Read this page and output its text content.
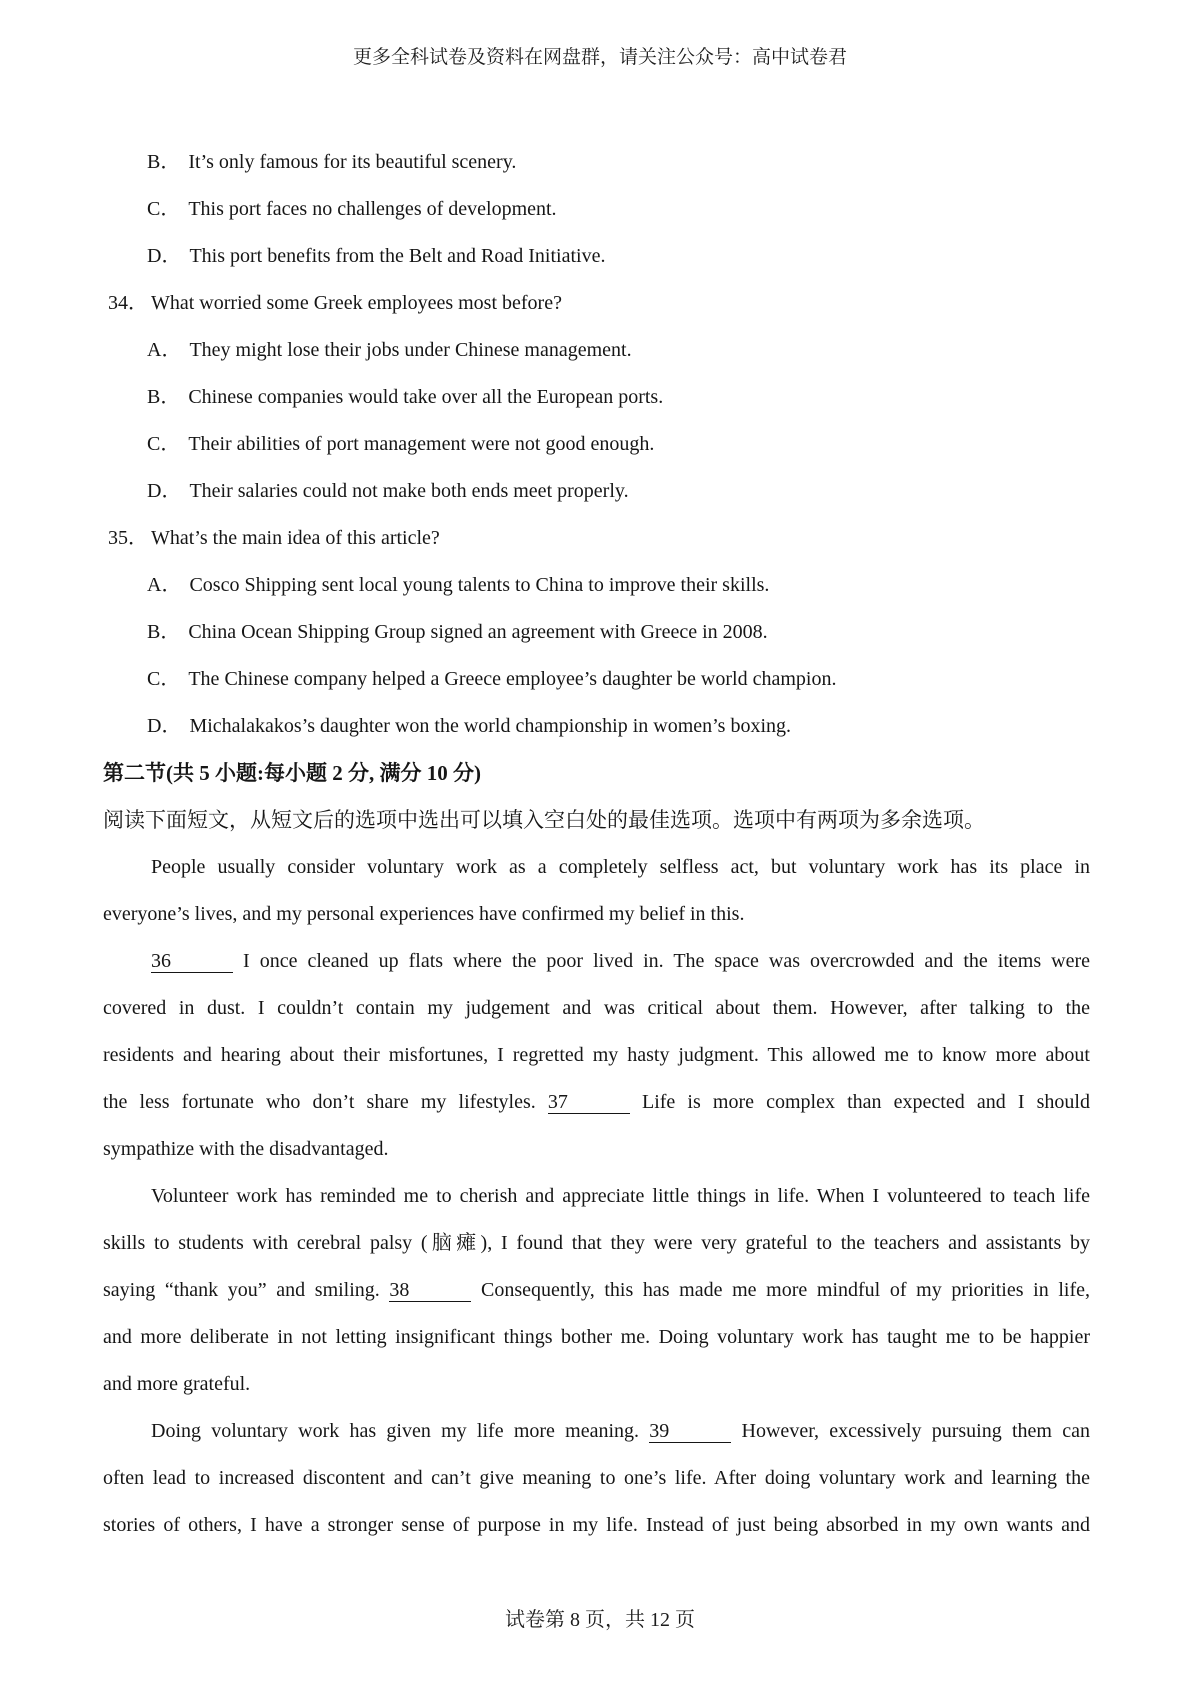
更多全科试卷及资料在网盘群，请关注公众号：高中试卷君
B． It’s only famous for its beautiful scenery.
C． This port faces no challenges of development.
D． This port benefits from the Belt and Road Initiative.
34． What worried some Greek employees most before?
A． They might lose their jobs under Chinese management.
B． Chinese companies would take over all the European ports.
C． Their abilities of port management were not good enough.
D． Their salaries could not make both ends meet properly.
35． What’s the main idea of this article?
A． Cosco Shipping sent local young talents to China to improve their skills.
B． China Ocean Shipping Group signed an agreement with Greece in 2008.
C． The Chinese company helped a Greece employee’s daughter be world champion.
D． Michalakakos’s daughter won the world championship in women’s boxing.
第二节(共 5 小题:每小题 2 分, 满分 10 分)
阅读下面短文，从短文后的选项中选出可以填入空白处的最佳选项。选项中有两项为多余选项。
People usually consider voluntary work as a completely selfless act, but voluntary work has its place in
everyone’s lives, and my personal experiences have confirmed my belief in this.
36	I once cleaned up flats where the poor lived in. The space was overcrowded and the items were
covered in dust. I couldn’t contain my judgement and was critical about them. However, after talking to the
residents and hearing about their misfortunes, I regretted my hasty judgment. This allowed me to know more about
the less fortunate who don’t share my lifestyles. 37	Life is more complex than expected and I should
sympathize with the disadvantaged.
Volunteer work has reminded me to cherish and appreciate little things in life. When I volunteered to teach life
skills to students with cerebral palsy (脑瘫), I found that they were very grateful to the teachers and assistants by
saying “thank you” and smiling. 38	Consequently, this has made me more mindful of my priorities in life,
and more deliberate in not letting insignificant things bother me. Doing voluntary work has taught me to be happier
and more grateful.
Doing voluntary work has given my life more meaning. 39	However, excessively pursuing them can
often lead to increased discontent and can’t give meaning to one’s life. After doing voluntary work and learning the
stories of others, I have a stronger sense of purpose in my life. Instead of just being absorbed in my own wants and
试卷第 8 页，共 12 页
